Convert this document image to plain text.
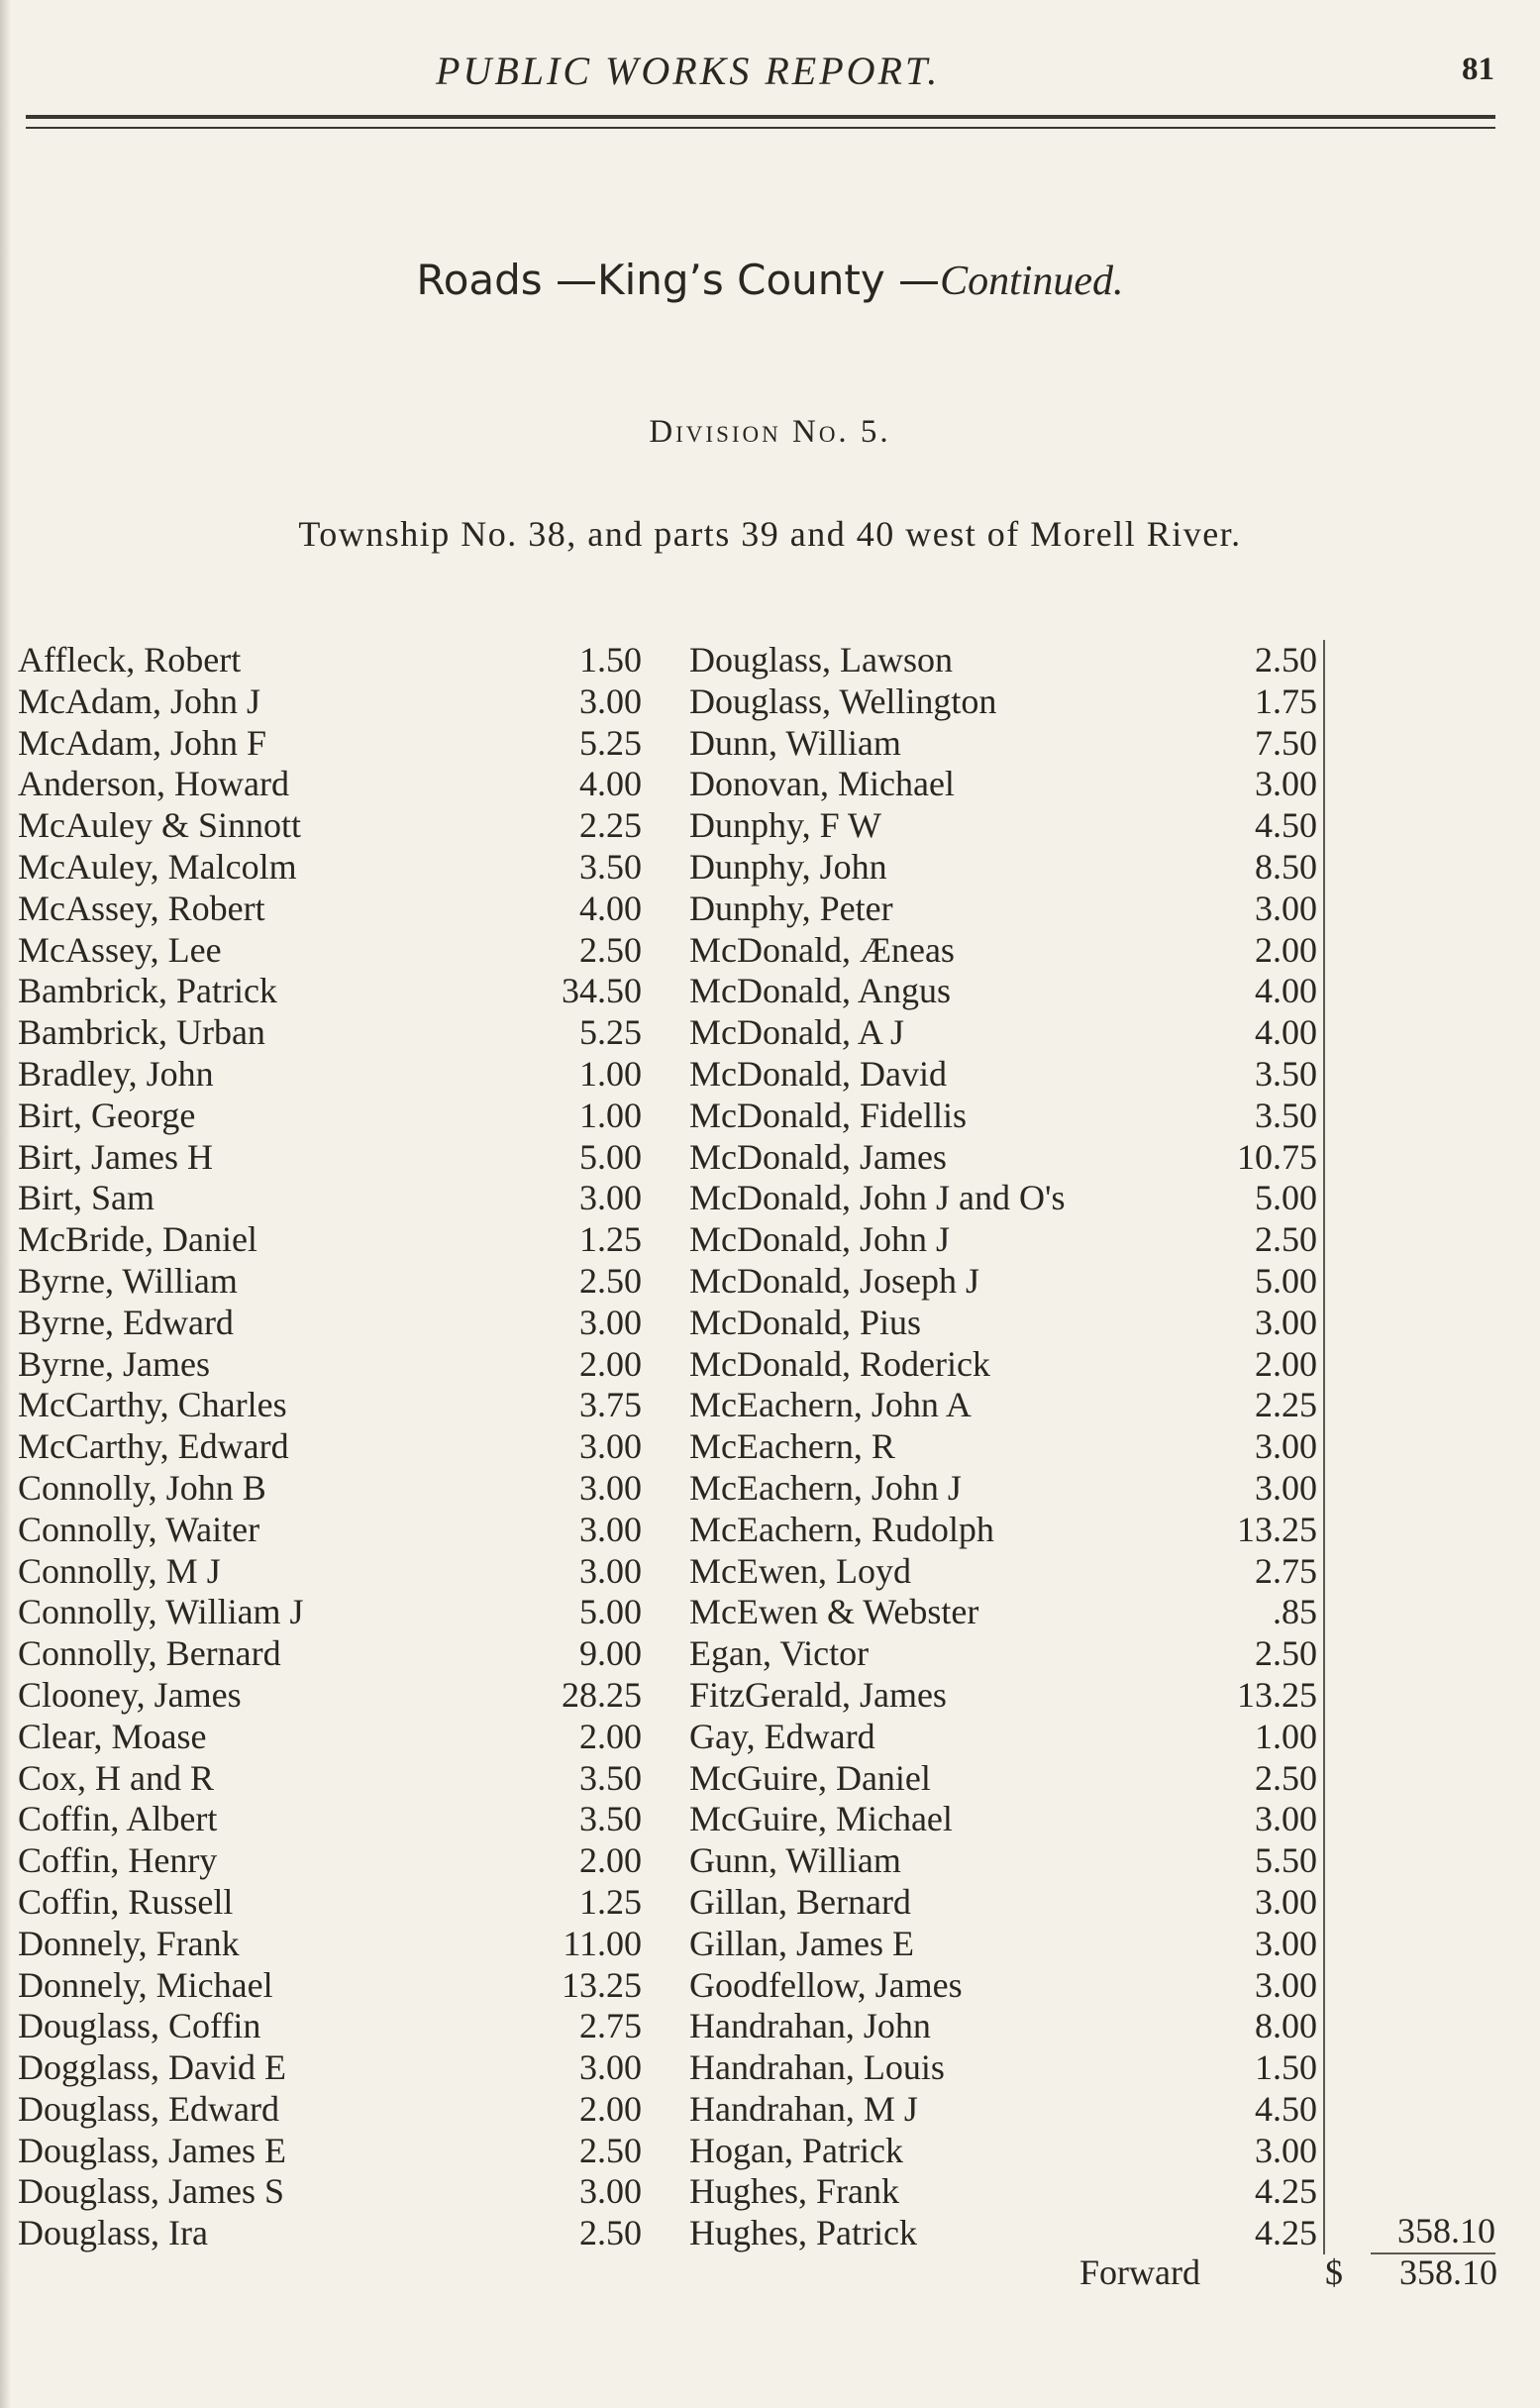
PUBLIC WORKS REPORT.	81
Roads —King’s County —Continued.
Division No. 5.
Township No. 38, and parts 39 and 40 west of Morell River.
Affleck, Robert	1.50
McAdam, John J	3.00
McAdam, John F	5.25
Anderson, Howard	4.00
McAuley & Sinnott	2.25
McAuley, Malcolm	3.50
McAssey, Robert	4.00
McAssey, Lee	2.50
Bambrick, Patrick	34.50
Bambrick, Urban	5.25
Bradley, John	1.00
Birt, George	1.00
Birt, James H	5.00
Birt, Sam	3.00
McBride, Daniel	1.25
Byrne, William	2.50
Byrne, Edward	3.00
Byrne, James	2.00
McCarthy, Charles	3.75
McCarthy, Edward	3.00
Connolly, John B	3.00
Connolly, Waiter	3.00
Connolly, M J	3.00
Connolly, William J	5.00
Connolly, Bernard	9.00
Clooney, James	28.25
Clear, Moase	2.00
Cox, H and R	3.50
Coffin, Albert	3.50
Coffin, Henry	2.00
Coffin, Russell	1.25
Donnely, Frank	11.00
Donnely, Michael	13.25
Douglass, Coffin	2.75
Dogglass, David E	3.00
Douglass, Edward	2.00
Douglass, James E	2.50
Douglass, James S	3.00
Douglass, Ira	2.50
Douglass, Lawson	2.50
Douglass, Wellington	1.75
Dunn, William	7.50
Donovan, Michael	3.00
Dunphy, F W	4.50
Dunphy, John	8.50
Dunphy, Peter	3.00
McDonald, Æneas	2.00
McDonald, Angus	4.00
McDonald, A J	4.00
McDonald, David	3.50
McDonald, Fidellis	3.50
McDonald, James	10.75
McDonald, John J and O's	5.00
McDonald, John J	2.50
McDonald, Joseph J	5.00
McDonald, Pius	3.00
McDonald, Roderick	2.00
McEachern, John A	2.25
McEachern, R	3.00
McEachern, John J	3.00
McEachern, Rudolph	13.25
McEwen, Loyd	2.75
McEwen & Webster	.85
Egan, Victor	2.50
FitzGerald, James	13.25
Gay, Edward	1.00
McGuire, Daniel	2.50
McGuire, Michael	3.00
Gunn, William	5.50
Gillan, Bernard	3.00
Gillan, James E	3.00
Goodfellow, James	3.00
Handrahan, John	8.00
Handrahan, Louis	1.50
Handrahan, M J	4.50
Hogan, Patrick	3.00
Hughes, Frank	4.25
Hughes, Patrick	4.25	358.10
Forward	$ 358.10
